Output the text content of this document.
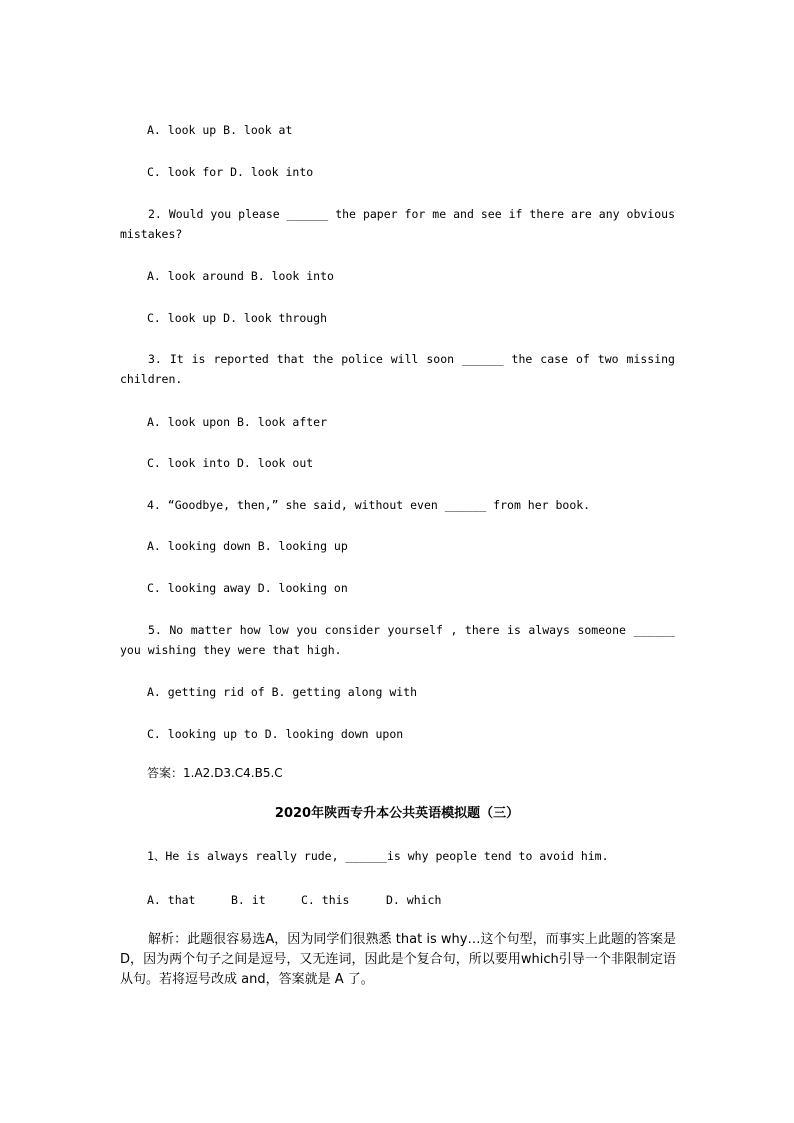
A. look up B. look at
C. look for D. look into
2. Would you please ______ the paper for me and see if there are any obvious mistakes?
A. look around B. look into
C. look up D. look through
3. It is reported that the police will soon ______ the case of two missing children.
A. look upon B. look after
C. look into D. look out
4. “Goodbye, then,” she said, without even ______ from her book.
A. looking down B. looking up
C. looking away D. looking on
5. No matter how low you consider yourself , there is always someone ______ you wishing they were that high.
A. getting rid of B. getting along with
C. looking up to D. looking down upon
答案：1.A2.D3.C4.B5.C
2020年陕西专升本公共英语模拟题（三）
1、He is always really rude, ______is why people tend to avoid him.
A. that	B. it	C. this	D. which
解析：此题很容易选A，因为同学们很熟悉 that is why…这个句型，而事实上此题的答案是D，因为两个句子之间是逗号，又无连词，因此是个复合句，所以要用which引导一个非限制定语从句。若将逗号改成 and，答案就是 A 了。
